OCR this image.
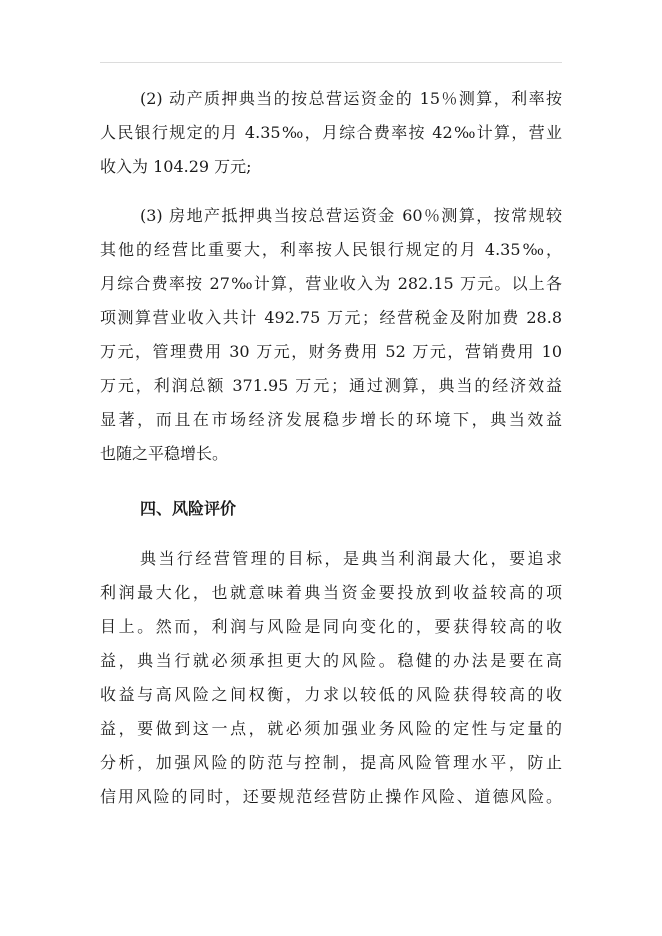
(2) 动产质押典当的按总营运资金的 15％测算，利率按
人民银行规定的月 4.35‰，月综合费率按 42‰计算，营业
收入为 104.29 万元;
(3) 房地产抵押典当按总营运资金 60％测算，按常规较
其他的经营比重要大，利率按人民银行规定的月 4.35‰，
月综合费率按 27‰计算，营业收入为 282.15 万元。以上各
项测算营业收入共计 492.75 万元；经营税金及附加费 28.8
万元，管理费用 30 万元，财务费用 52 万元，营销费用 10
万元，利润总额 371.95 万元；通过测算，典当的经济效益
显著，而且在市场经济发展稳步增长的环境下，典当效益
也随之平稳增长。
四、风险评价
典当行经营管理的目标，是典当利润最大化，要追求
利润最大化，也就意味着典当资金要投放到收益较高的项
目上。然而，利润与风险是同向变化的，要获得较高的收
益，典当行就必须承担更大的风险。稳健的办法是要在高
收益与高风险之间权衡，力求以较低的风险获得较高的收
益，要做到这一点，就必须加强业务风险的定性与定量的
分析，加强风险的防范与控制，提高风险管理水平，防止
信用风险的同时，还要规范经营防止操作风险、道德风险。
